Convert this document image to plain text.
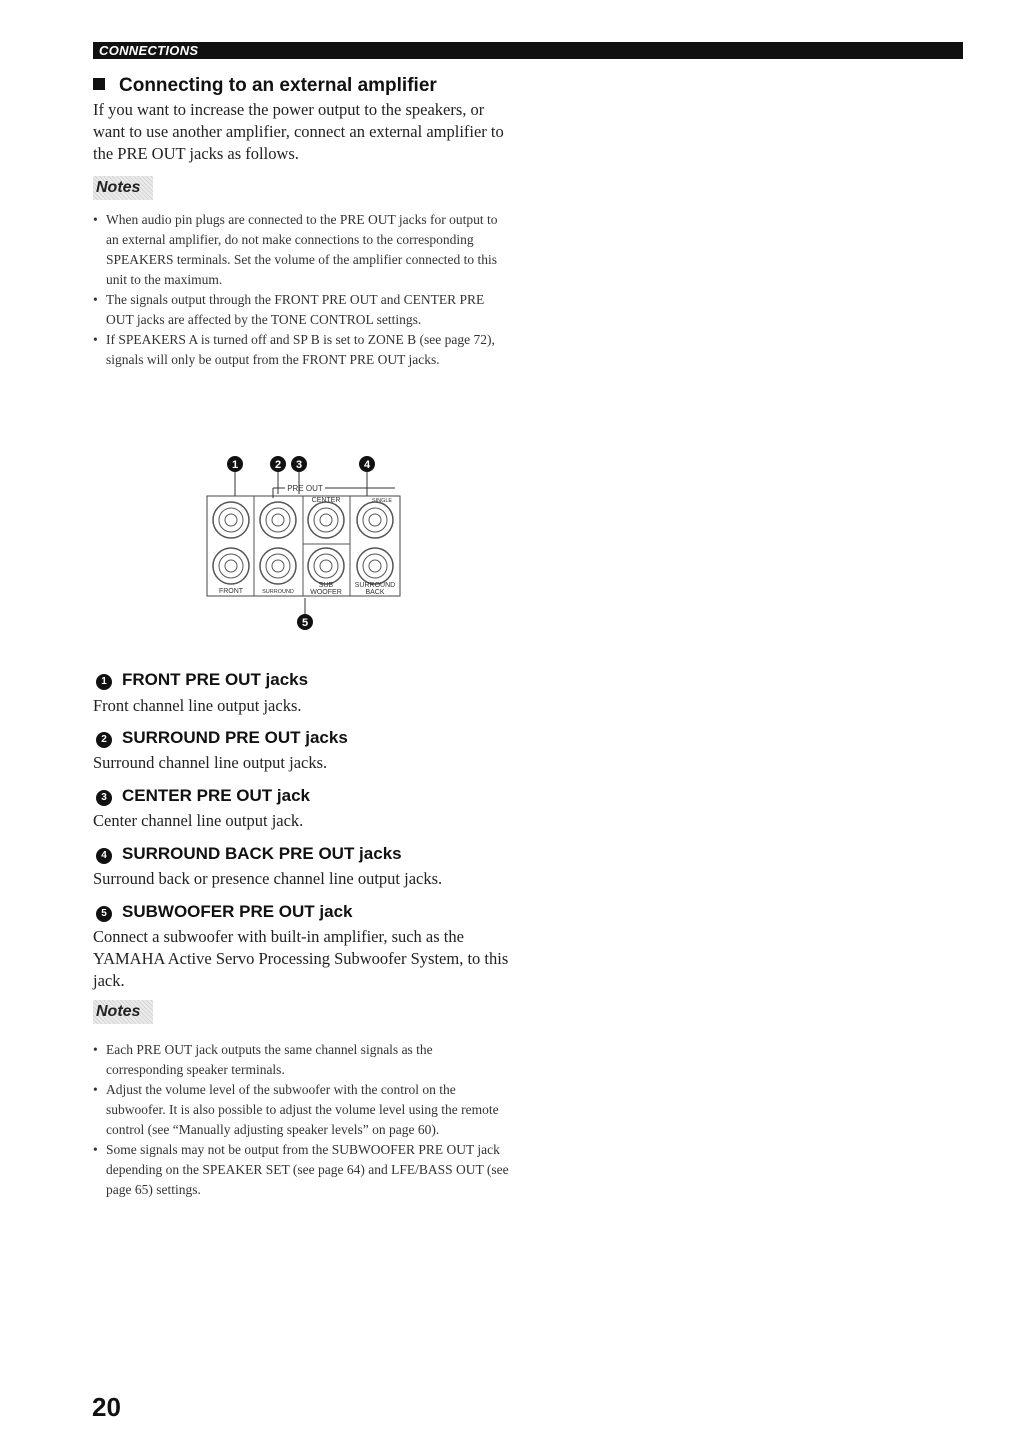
CONNECTIONS
Connecting to an external amplifier

If you want to increase the power output to the speakers, or want to use another amplifier, connect an external amplifier to the PRE OUT jacks as follows.

Notes
• When audio pin plugs are connected to the PRE OUT jacks for output to an external amplifier, do not make connections to the corresponding SPEAKERS terminals. Set the volume of the amplifier connected to this unit to the maximum.
• The signals output through the FRONT PRE OUT and CENTER PRE OUT jacks are affected by the TONE CONTROL settings.
• If SPEAKERS A is turned off and SP B is set to ZONE B (see page 72), signals will only be output from the FRONT PRE OUT jacks.
1	2 3	4
5
PRE OUT
CENTER	SINGLE
FRONT	SURROUND
SUB
WOOFER
SURROUND
BACK
1 FRONT PRE OUT jacks

Front channel line output jacks.

2 SURROUND PRE OUT jacks

Surround channel line output jacks.

3 CENTER PRE OUT jack

Center channel line output jack.

4 SURROUND BACK PRE OUT jacks

Surround back or presence channel line output jacks.

5 SUBWOOFER PRE OUT jack

Connect a subwoofer with built-in amplifier, such as the YAMAHA Active Servo Processing Subwoofer System, to this jack.

Notes
• Each PRE OUT jack outputs the same channel signals as the corresponding speaker terminals.
• Adjust the volume level of the subwoofer with the control on the subwoofer. It is also possible to adjust the volume level using the remote control (see “Manually adjusting speaker levels” on page 60).
• Some signals may not be output from the SUBWOOFER PRE OUT jack depending on the SPEAKER SET (see page 64) and LFE/BASS OUT (see page 65) settings.
20
